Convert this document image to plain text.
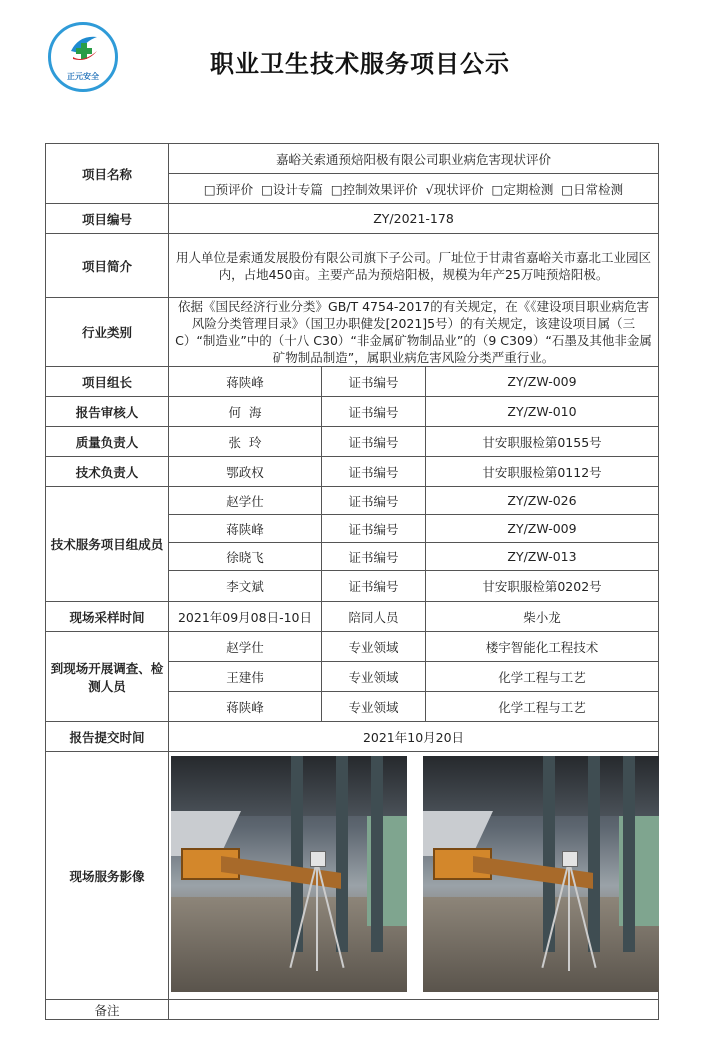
正元安全	职业卫生技术服务项目公示
项目名称	嘉峪关索通预焙阳极有限公司职业病危害现状评价		
	□预评价  □设计专篇  □控制效果评价  √现状评价  □定期检测  □日常检测		
项目编号	ZY/2021-178		
项目简介	用人单位是索通发展股份有限公司旗下子公司。厂址位于甘肃省嘉峪关市嘉北工业园区内，占地450亩。主要产品为预焙阳极，规模为年产25万吨预焙阳极。		
行业类别	依据《国民经济行业分类》GB/T 4754-2017的有关规定，在《《建设项目职业病危害风险分类管理目录》（国卫办职健发[2021]5号）的有关规定，该建设项目属（三 C）“制造业”中的（十八 C30）“非金属矿物制品业”的（9 C309）“石墨及其他非金属矿物制品制造”，属职业病危害风险分类严重行业。		
项目组长	蒋陕峰	证书编号	ZY/ZW-009
报告审核人	何  海	证书编号	ZY/ZW-010
质量负责人	张  玲	证书编号	甘安职服检第0155号
技术负责人	鄂政权	证书编号	甘安职服检第0112号
技术服务项目组成员	赵学仕	证书编号	ZY/ZW-026
	蒋陕峰	证书编号	ZY/ZW-009
	徐晓飞	证书编号	ZY/ZW-013
	李文斌	证书编号	甘安职服检第0202号
现场采样时间	2021年09月08日-10日	陪同人员	柴小龙
到现场开展调查、检测人员	赵学仕	专业领域	楼宇智能化工程技术
	王建伟	专业领域	化学工程与工艺
	蒋陕峰	专业领域	化学工程与工艺
报告提交时间	2021年10月20日		
现场服务影像			

备注			
